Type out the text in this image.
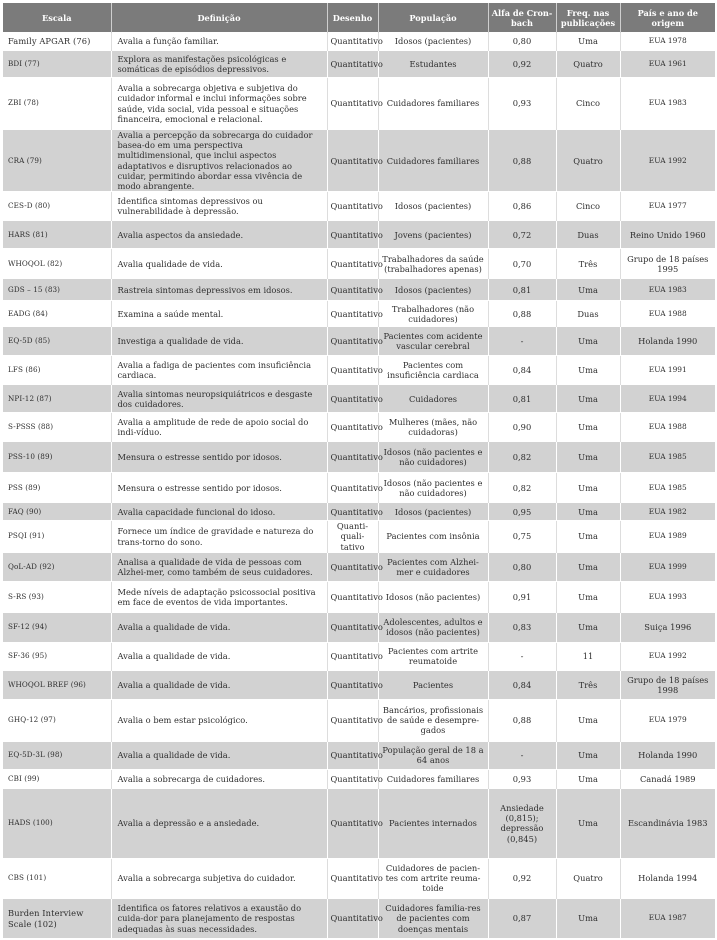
Escala	Definição	Desenho	População	Alfa de Cron-bach	Freq. nas publicações	País e ano de origem
Family APGAR (76)	Avalia a função familiar.	Quantitativo	Idosos (pacientes)	0,80	Uma	EUA 1978
BDI (77)	Explora as manifestações psicológicas e somáticas de episódios depressivos.	Quantitativo	Estudantes	0,92	Quatro	EUA 1961
ZBI (78)	Avalia a sobrecarga objetiva e subjetiva do cuidador informal e inclui informações sobre saúde, vida social, vida pessoal e situações financeira, emocional e relacional.	Quantitativo	Cuidadores familiares	0,93	Cinco	EUA 1983
CRA (79)	Avalia a percepção da sobrecarga do cuidador basea-do em uma perspectiva multidimensional, que inclui aspectos adaptativos e disruptivos relacionados ao cuidar, permitindo abordar essa vivência de modo abrangente.	Quantitativo	Cuidadores familiares	0,88	Quatro	EUA 1992
CES-D (80)	Identifica sintomas depressivos ou vulnerabilidade à depressão.	Quantitativo	Idosos (pacientes)	0,86	Cinco	EUA 1977
HARS (81)	Avalia aspectos da ansiedade.	Quantitativo	Jovens (pacientes)	0,72	Duas	Reino Unido 1960
WHOQOL (82)	Avalia qualidade de vida.	Quantitativo	Trabalhadores da saúde (trabalhadores apenas)	0,70	Três	Grupo de 18 países 1995
GDS – 15 (83)	Rastreia sintomas depressivos em idosos.	Quantitativo	Idosos (pacientes)	0,81	Uma	EUA 1983
EADG (84)	Examina a saúde mental.	Quantitativo	Trabalhadores (não cuidadores)	0,88	Duas	EUA 1988
EQ-5D (85)	Investiga a qualidade de vida.	Quantitativo	Pacientes com acidente vascular cerebral	-	Uma	Holanda 1990
LFS (86)	Avalia a fadiga de pacientes com insuficiência cardiaca.	Quantitativo	Pacientes com insuficiência cardiaca	0,84	Uma	EUA 1991
NPI-12 (87)	Avalia sintomas neuropsiquiátricos e desgaste dos cuidadores.	Quantitativo	Cuidadores	0,81	Uma	EUA 1994
S-PSSS (88)	Avalia a amplitude de rede de apoio social do indi-víduo.	Quantitativo	Mulheres (mães, não cuidadoras)	0,90	Uma	EUA 1988
PSS-10 (89)	Mensura o estresse sentido por idosos.	Quantitativo	Idosos (não pacientes e não cuidadores)	0,82	Uma	EUA 1985
PSS (89)	Mensura o estresse sentido por idosos.	Quantitativo	Idosos (não pacientes e não cuidadores)	0,82	Uma	EUA 1985
FAQ (90)	Avalia capacidade funcional do idoso.	Quantitativo	Idosos (pacientes)	0,95	Uma	EUA 1982
PSQI (91)	Fornece um índice de gravidade e natureza do trans-torno do sono.	Quanti-quali-tativo	Pacientes com insônia	0,75	Uma	EUA 1989
QoL-AD (92)	Analisa a qualidade de vida de pessoas com Alzhei-mer, como também de seus cuidadores.	Quantitativo	Pacientes com Alzhei-mer e cuidadores	0,80	Uma	EUA 1999
S-RS (93)	Mede níveis de adaptação psicossocial positiva em face de eventos de vida importantes.	Quantitativo	Idosos (não pacientes)	0,91	Uma	EUA 1993
SF-12 (94)	Avalia a qualidade de vida.	Quantitativo	Adolescentes, adultos e idosos (não pacientes)	0,83	Uma	Suiça 1996
SF-36 (95)	Avalia a qualidade de vida.	Quantitativo	Pacientes com artrite reumatoide	-	11	EUA 1992
WHOQOL BREF (96)	Avalia a qualidade de vida.	Quantitativo	Pacientes	0,84	Três	Grupo de 18 países 1998
GHQ-12 (97)	Avalia o bem estar psicológico.	Quantitativo	Bancários, profissionais de saúde e desempre-gados	0,88	Uma	EUA 1979
EQ-5D-3L (98)	Avalia a qualidade de vida.	Quantitativo	População geral de 18 a 64 anos	-	Uma	Holanda 1990
CBI (99)	Avalia a sobrecarga de cuidadores.	Quantitativo	Cuidadores familiares	0,93	Uma	Canadá 1989
HADS (100)	Avalia a depressão e a ansiedade.	Quantitativo	Pacientes internados	Ansiedade (0,815); depressão (0,845)	Uma	Escandinávia 1983
CBS (101)	Avalia a sobrecarga subjetiva do cuidador.	Quantitativo	Cuidadores de pacien-tes com artrite reuma-toide	0,92	Quatro	Holanda 1994
Burden Interview Scale (102)	Identifica os fatores relativos a exaustão do cuida-dor para planejamento de respostas adequadas às suas necessidades.	Quantitativo	Cuidadores familia-res de pacientes com doenças mentais	0,87	Uma	EUA 1987
